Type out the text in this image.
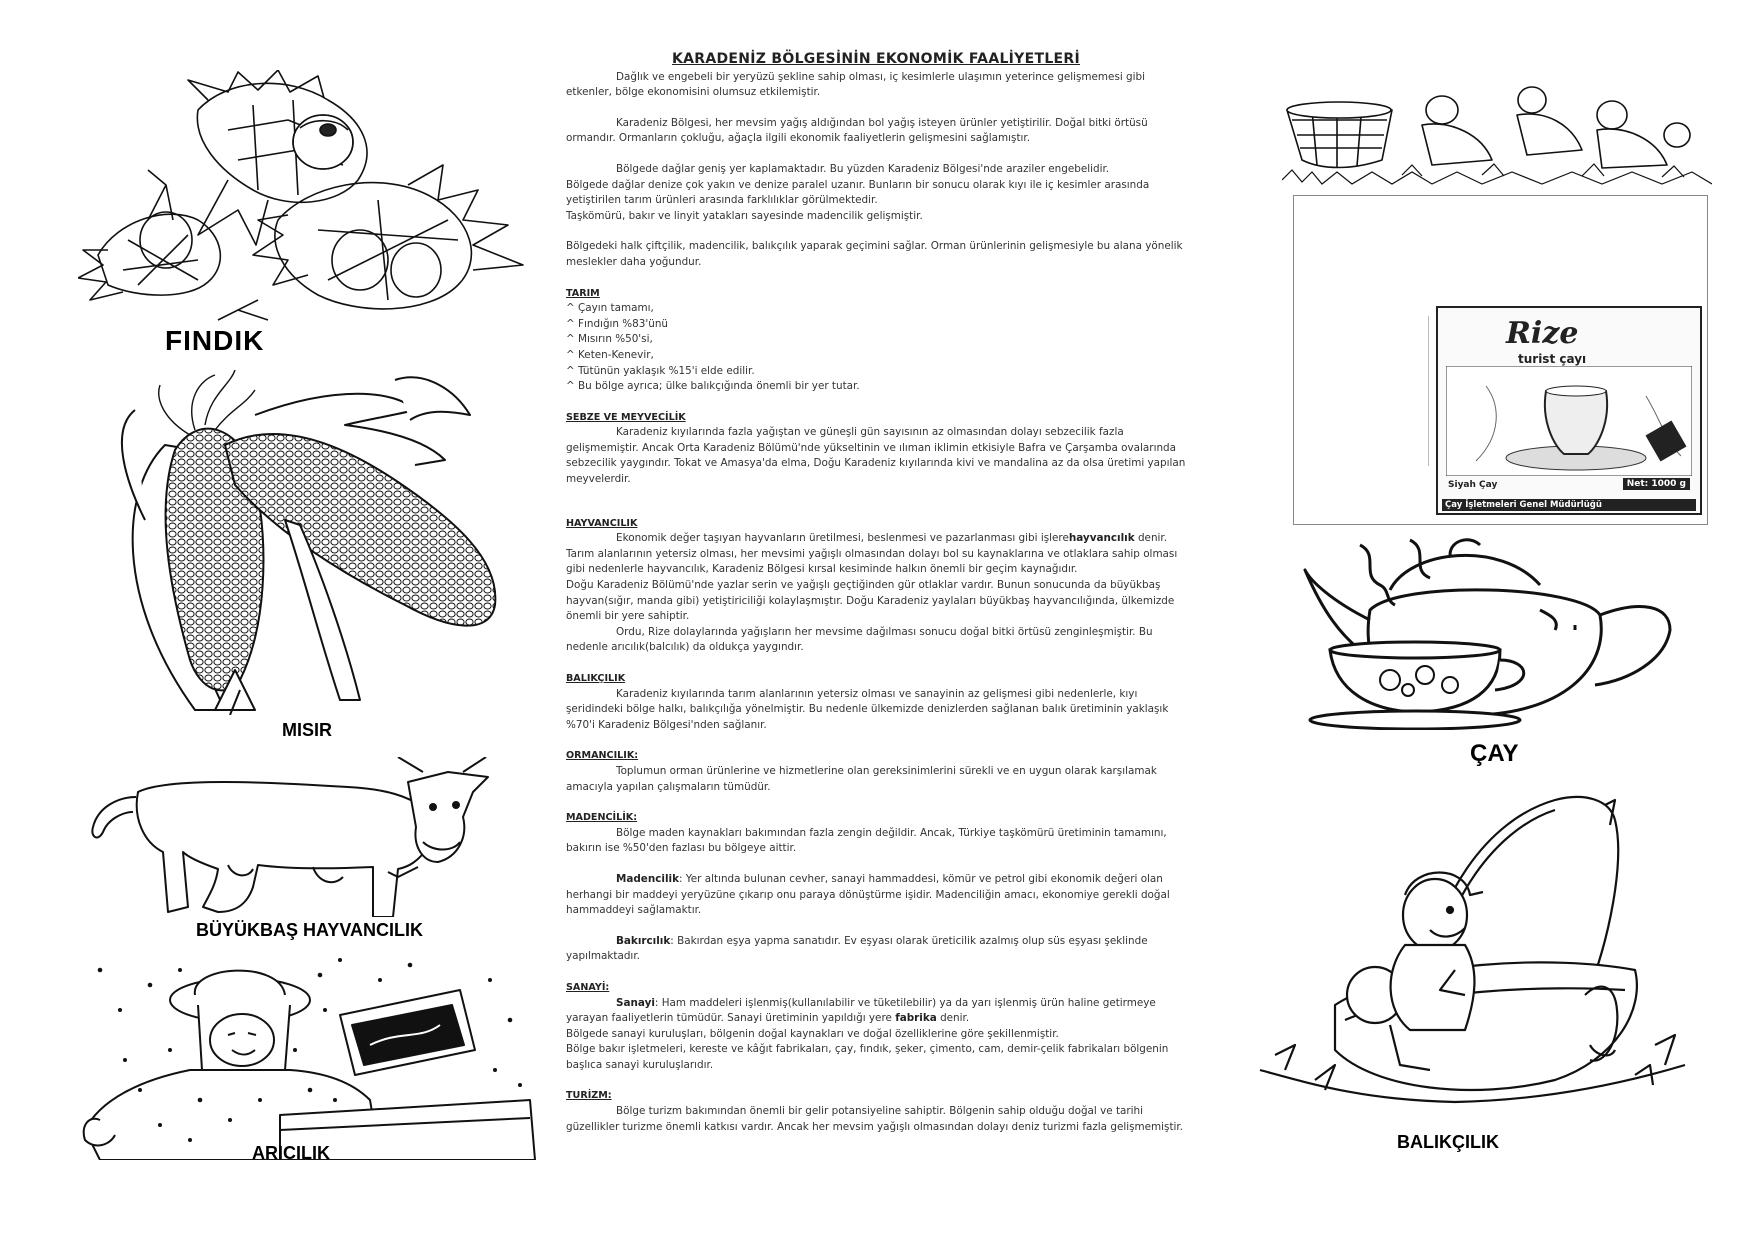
FINDIK
MISIR
BÜYÜKBAŞ HAYVANCILIK
ARICILIK
Rize
turist çayı
Siyah Çay	Net: 1000 g
Çay İşletmeleri Genel Müdürlüğü
ÇAY
BALIKÇILIK
KARADENİZ BÖLGESİNİN EKONOMİK FAALİYETLERİ

Dağlık ve engebeli bir yeryüzü şekline sahip olması, iç kesimlerle ulaşımın yeterince gelişmemesi gibi etkenler, bölge ekonomisini olumsuz etkilemiştir.

Karadeniz Bölgesi, her mevsim yağış aldığından bol yağış isteyen ürünler yetiştirilir. Doğal bitki örtüsü ormandır. Ormanların çokluğu, ağaçla ilgili ekonomik faaliyetlerin gelişmesini sağlamıştır.

Bölgede dağlar geniş yer kaplamaktadır. Bu yüzden Karadeniz Bölgesi'nde araziler engebelidir.

Bölgede dağlar denize çok yakın ve denize paralel uzanır. Bunların bir sonucu olarak kıyı ile iç kesimler arasında yetiştirilen tarım ürünleri arasında farklılıklar görülmektedir.

Taşkömürü, bakır ve linyit yatakları sayesinde madencilik gelişmiştir.

Bölgedeki halk çiftçilik, madencilik, balıkçılık yaparak geçimini sağlar. Orman ürünlerinin gelişmesiyle bu alana yönelik meslekler daha yoğundur.

TARIM

^ Çayın tamamı,

^ Fındığın %83'ünü

^ Mısırın %50'si,

^ Keten-Kenevir,

^ Tütünün yaklaşık %15'i elde edilir.

^ Bu bölge ayrıca; ülke balıkçığında önemli bir yer tutar.

SEBZE VE MEYVECİLİK

Karadeniz kıyılarında fazla yağıştan ve güneşli gün sayısının az olmasından dolayı sebzecilik fazla gelişmemiştir. Ancak Orta Karadeniz Bölümü'nde yükseltinin ve ılıman iklimin etkisiyle Bafra ve Çarşamba ovalarında sebzecilik yaygındır. Tokat ve Amasya'da elma, Doğu Karadeniz kıyılarında kivi ve mandalina az da olsa üretimi yapılan meyvelerdir.

HAYVANCILIK

Ekonomik değer taşıyan hayvanların üretilmesi, beslenmesi ve pazarlanması gibi işlerehayvancılık denir.

Tarım alanlarının yetersiz olması, her mevsimi yağışlı olmasından dolayı bol su kaynaklarına ve otlaklara sahip olması gibi nedenlerle hayvancılık, Karadeniz Bölgesi kırsal kesiminde halkın önemli bir geçim kaynağıdır.

Doğu Karadeniz Bölümü'nde yazlar serin ve yağışlı geçtiğinden gür otlaklar vardır. Bunun sonucunda da büyükbaş hayvan(sığır, manda gibi) yetiştiriciliği kolaylaşmıştır. Doğu Karadeniz yaylaları büyükbaş hayvancılığında, ülkemizde önemli bir yere sahiptir.

Ordu, Rize dolaylarında yağışların her mevsime dağılması sonucu doğal bitki örtüsü zenginleşmiştir. Bu nedenle arıcılık(balcılık) da oldukça yaygındır.

BALIKÇILIK

Karadeniz kıyılarında tarım alanlarının yetersiz olması ve sanayinin az gelişmesi gibi nedenlerle, kıyı şeridindeki bölge halkı, balıkçılığa yönelmiştir. Bu nedenle ülkemizde denizlerden sağlanan balık üretiminin yaklaşık %70'i Karadeniz Bölgesi'nden sağlanır.

ORMANCILIK:

Toplumun orman ürünlerine ve hizmetlerine olan gereksinimlerini sürekli ve en uygun olarak karşılamak amacıyla yapılan çalışmaların tümüdür.

MADENCİLİK:

Bölge maden kaynakları bakımından fazla zengin değildir. Ancak, Türkiye taşkömürü üretiminin tamamını, bakırın ise %50'den fazlası bu bölgeye aittir.

Madencilik: Yer altında bulunan cevher, sanayi hammaddesi, kömür ve petrol gibi ekonomik değeri olan herhangi bir maddeyi yeryüzüne çıkarıp onu paraya dönüştürme işidir. Madenciliğin amacı, ekonomiye gerekli doğal hammaddeyi sağlamaktır.

Bakırcılık: Bakırdan eşya yapma sanatıdır. Ev eşyası olarak üreticilik azalmış olup süs eşyası şeklinde yapılmaktadır.

SANAYİ:

Sanayi: Ham maddeleri işlenmiş(kullanılabilir ve tüketilebilir) ya da yarı işlenmiş ürün haline getirmeye yarayan faaliyetlerin tümüdür. Sanayi üretiminin yapıldığı yere fabrika denir.

Bölgede sanayi kuruluşları, bölgenin doğal kaynakları ve doğal özelliklerine göre şekillenmiştir.

Bölge bakır işletmeleri, kereste ve kâğıt fabrikaları, çay, fındık, şeker, çimento, cam, demir-çelik fabrikaları bölgenin başlıca sanayi kuruluşlarıdır.

TURİZM:

Bölge turizm bakımından önemli bir gelir potansiyeline sahiptir. Bölgenin sahip olduğu doğal ve tarihi güzellikler turizme önemli katkısı vardır. Ancak her mevsim yağışlı olmasından dolayı deniz turizmi fazla gelişmemiştir.
